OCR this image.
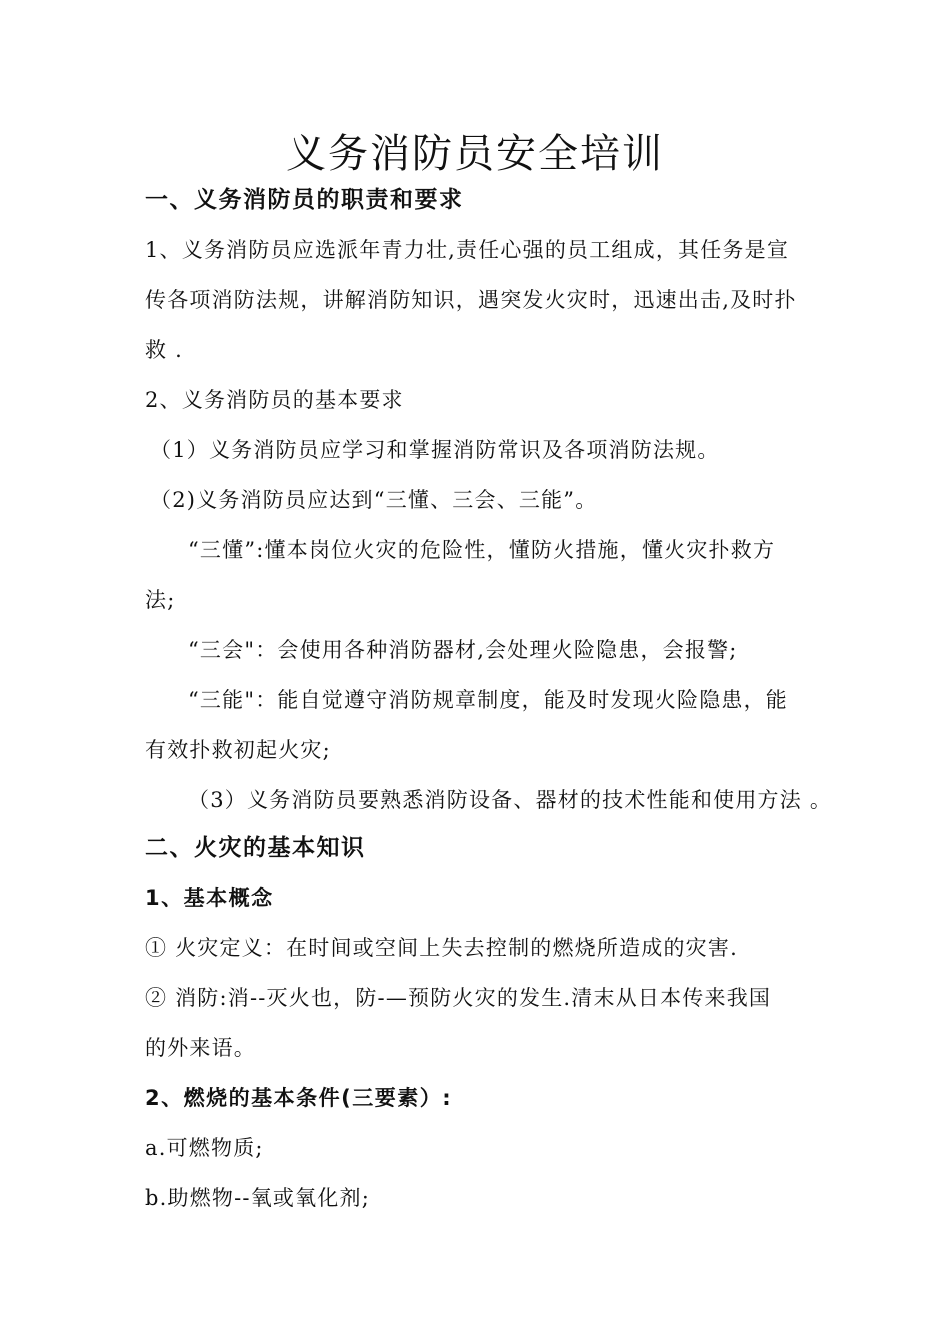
义务消防员安全培训
一、义务消防员的职责和要求
1、义务消防员应选派年青力壮,责任心强的员工组成，其任务是宣
传各项消防法规，讲解消防知识，遇突发火灾时，迅速出击,及时扑
救 .
2、义务消防员的基本要求
（1）义务消防员应学习和掌握消防常识及各项消防法规。
（2)义务消防员应达到“三懂、三会、三能”。
“三懂”:懂本岗位火灾的危险性，懂防火措施，懂火灾扑救方
法;
“三会"：会使用各种消防器材,会处理火险隐患，会报警;
“三能"：能自觉遵守消防规章制度，能及时发现火险隐患，能
有效扑救初起火灾;
（3）义务消防员要熟悉消防设备、器材的技术性能和使用方法 。
二、火灾的基本知识
1、基本概念
① 火灾定义：在时间或空间上失去控制的燃烧所造成的灾害.
② 消防:消--灭火也，防-—预防火灾的发生.清末从日本传来我国
的外来语。
2、燃烧的基本条件(三要素）:
a.可燃物质;
b.助燃物--氧或氧化剂;
